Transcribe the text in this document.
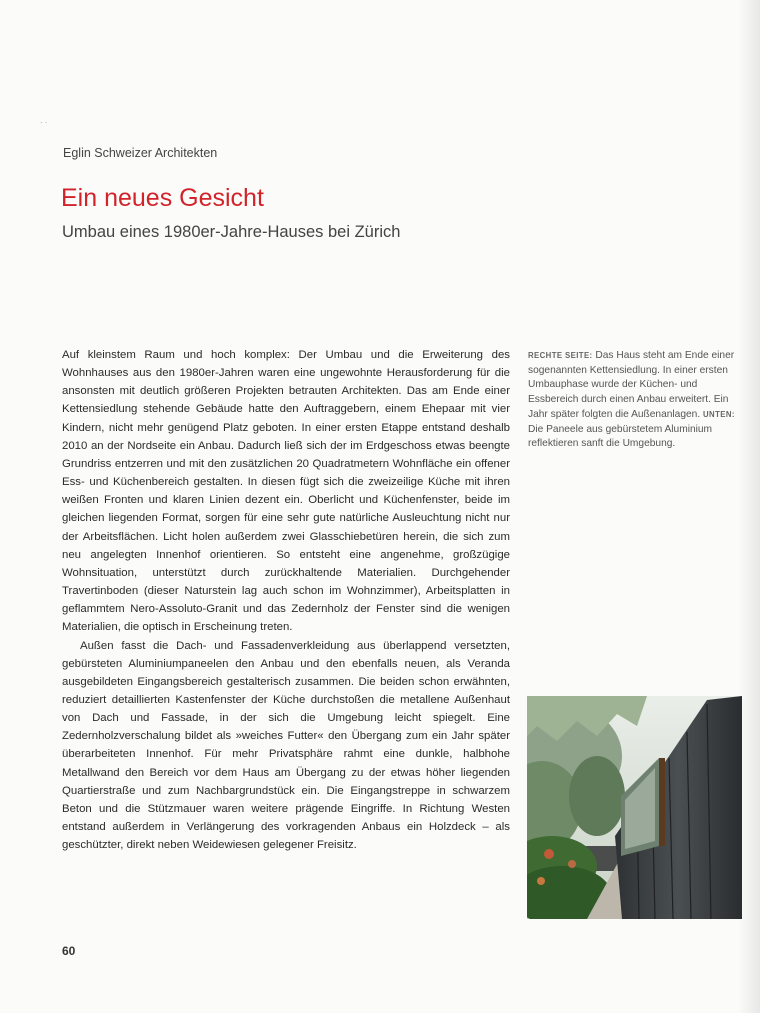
··
Eglin Schweizer Architekten
Ein neues Gesicht
Umbau eines 1980er-Jahre-Hauses bei Zürich

Auf kleinstem Raum und hoch komplex: Der Umbau und die Erweiterung des Wohnhauses aus den 1980er-Jahren waren eine ungewohnte Herausforderung für die ansonsten mit deutlich größeren Projekten betrauten Architekten. Das am Ende einer Kettensiedlung stehende Gebäude hatte den Auftraggebern, einem Ehepaar mit vier Kindern, nicht mehr genügend Platz geboten. In einer ersten Etappe entstand deshalb 2010 an der Nordseite ein Anbau. Dadurch ließ sich der im Erdgeschoss etwas beengte Grundriss entzerren und mit den zusätzlichen 20 Quadratmetern Wohnfläche ein offener Ess- und Küchenbereich gestalten. In diesen fügt sich die zweizeilige Küche mit ihren weißen Fronten und klaren Linien dezent ein. Oberlicht und Küchenfenster, beide im gleichen liegenden Format, sorgen für eine sehr gute natürliche Ausleuchtung nicht nur der Arbeitsflächen. Licht holen außerdem zwei Glasschiebetüren herein, die sich zum neu angelegten Innenhof orientieren. So entsteht eine angenehme, großzügige Wohnsituation, unterstützt durch zurückhaltende Materialien. Durchgehender Travertinboden (dieser Naturstein lag auch schon im Wohnzimmer), Arbeitsplatten in geflammtem Nero-Assoluto-Granit und das Zedernholz der Fenster sind die wenigen Materialien, die optisch in Erscheinung treten.

Außen fasst die Dach- und Fassadenverkleidung aus überlappend versetzten, gebürsteten Aluminiumpaneelen den Anbau und den ebenfalls neuen, als Veranda ausgebildeten Eingangsbereich gestalterisch zusammen. Die beiden schon erwähnten, reduziert detaillierten Kastenfenster der Küche durchstoßen die metallene Außenhaut von Dach und Fassade, in der sich die Umgebung leicht spiegelt. Eine Zedernholzverschalung bildet als »weiches Futter« den Übergang zum ein Jahr später überarbeiteten Innenhof. Für mehr Privatsphäre rahmt eine dunkle, halbhohe Metallwand den Bereich vor dem Haus am Übergang zu der etwas höher liegenden Quartierstraße und zum Nachbargrundstück ein. Die Eingangstreppe in schwarzem Beton und die Stützmauer waren weitere prägende Eingriffe. In Richtung Westen entstand außerdem in Verlängerung des vorkragenden Anbaus ein Holzdeck – als geschützter, direkt neben Weidewiesen gelegener Freisitz.

RECHTE SEITE: Das Haus steht am Ende einer sogenannten Kettensiedlung. In einer ersten Umbauphase wurde der Küchen- und Essbereich durch einen Anbau erweitert. Ein Jahr später folgten die Außenanlagen. UNTEN: Die Paneele aus gebürstetem Aluminium reflektieren sanft die Umgebung.
60
